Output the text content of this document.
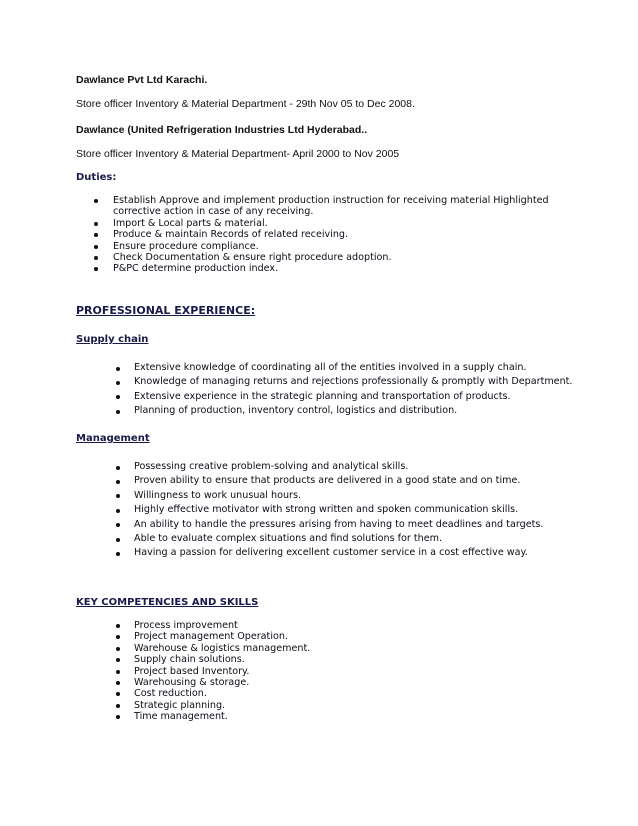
Dawlance Pvt Ltd Karachi.
Store officer Inventory & Material Department - 29th Nov 05 to Dec 2008.
Dawlance (United Refrigeration Industries Ltd Hyderabad..
Store officer Inventory & Material Department- April 2000 to Nov 2005
Duties:
Establish Approve and implement production instruction for receiving material Highlighted
corrective action in case of any receiving.
Import & Local parts & material.
Produce & maintain Records of related receiving.
Ensure procedure compliance.
Check Documentation & ensure right procedure adoption.
P&PC determine production index.
PROFESSIONAL EXPERIENCE:
Supply chain
Extensive knowledge of coordinating all of the entities involved in a supply chain.
Knowledge of managing returns and rejections professionally & promptly with Department.
Extensive experience in the strategic planning and transportation of products.
Planning of production, inventory control, logistics and distribution.
Management
Possessing creative problem-solving and analytical skills.
Proven ability to ensure that products are delivered in a good state and on time.
Willingness to work unusual hours.
Highly effective motivator with strong written and spoken communication skills.
An ability to handle the pressures arising from having to meet deadlines and targets.
Able to evaluate complex situations and find solutions for them.
Having a passion for delivering excellent customer service in a cost effective way.
KEY COMPETENCIES AND SKILLS
Process improvement
Project management Operation.
Warehouse & logistics management.
Supply chain solutions.
Project based Inventory.
Warehousing & storage.
Cost reduction.
Strategic planning.
Time management.
